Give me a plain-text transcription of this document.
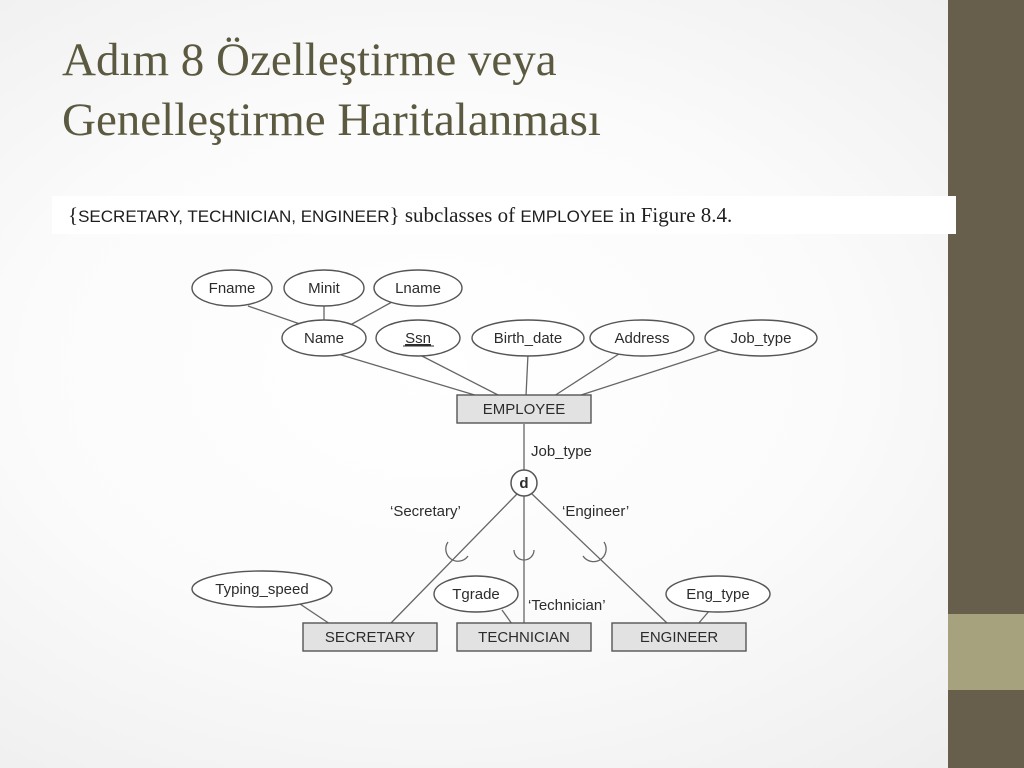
Adım 8 Özelleştirme veya
Genelleştirme Haritalanması
{SECRETARY, TECHNICIAN, ENGINEER} subclasses of EMPLOYEE in Figure 8.4.
Fname	Minit	Lname
Name	Ssn	Birth_date	Address	Job_type
Typing_speed	Tgrade	Eng_type
EMPLOYEE
SECRETARY	TECHNICIAN	ENGINEER
Job_type
d
‘Secretary’	‘Engineer’
‘Technician’
